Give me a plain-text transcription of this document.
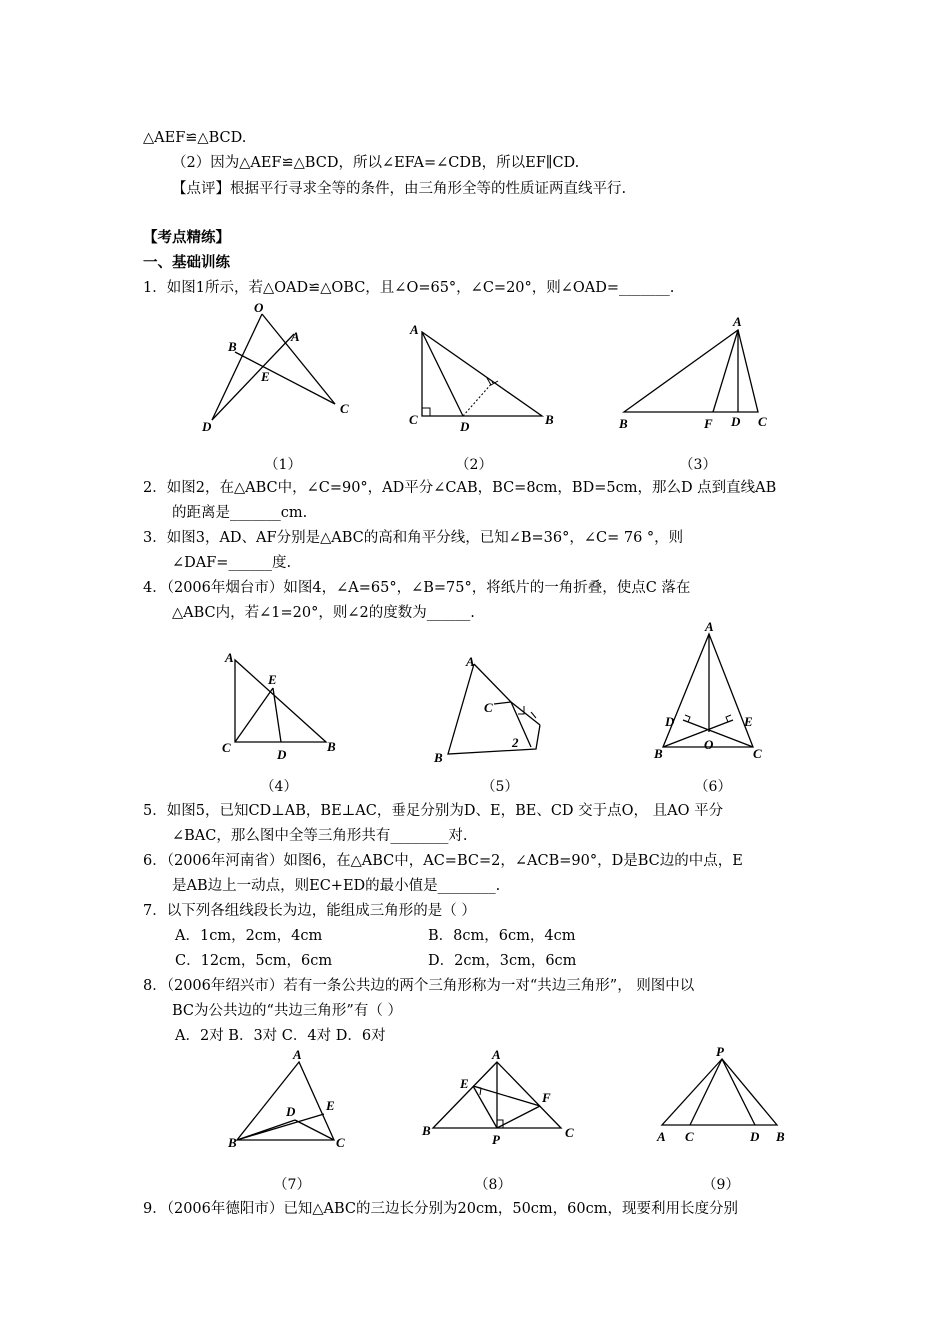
△AEF≌△BCD.
（2）因为△AEF≌△BCD，所以∠EFA=∠CDB，所以EF∥CD.
【点评】根据平行寻求全等的条件，由三角形全等的性质证两直线平行.
【考点精练】
一、基础训练
1．如图1所示，若△OAD≌△OBC，且∠O=65°，∠C=20°，则∠OAD=_______.
2．如图2，在△ABC中，∠C=90°，AD平分∠CAB，BC=8cm，BD=5cm，那么D 点到直线AB
的距离是_______cm.
3．如图3，AD、AF分别是△ABC的高和角平分线，已知∠B=36°，∠C= 76 °，则
∠DAF=______度.
4．（2006年烟台市）如图4，∠A=65°，∠B=75°，将纸片的一角折叠，使点C 落在
△ABC内，若∠1=20°，则∠2的度数为______.
5．如图5，已知CD⊥AB，BE⊥AC，垂足分别为D、E，BE、CD 交于点O， 且AO 平分
∠BAC，那么图中全等三角形共有________对.
6．（2006年河南省）如图6，在△ABC中，AC=BC=2，∠ACB=90°，D是BC边的中点，E
是AB边上一动点，则EC+ED的最小值是________.
7．以下列各组线段长为边，能组成三角形的是（ ）
A．1cm，2cm，4cm	B．8cm，6cm，4cm
C．12cm，5cm，6cm	D．2cm，3cm，6cm
8．（2006年绍兴市）若有一条公共边的两个三角形称为一对“共边三角形”， 则图中以
BC为公共边的“共边三角形”有（ ）
A．2对 B．3对 C．4对 D．6对
9．（2006年德阳市）已知△ABC的三边长分别为20cm，50cm，60cm，现要利用长度分别
（1）	（2）	（3）
（4）	（5）	（6）
（7）	（8）	（9）
O
B
A
E
D
C
A
C	D	B
A
B	F D C
A
E
C	D
B
A
C
2
B
A
D	E
O
B	C
A
D E
B	C
A
E
F
B
P	C
P
A C	D B
